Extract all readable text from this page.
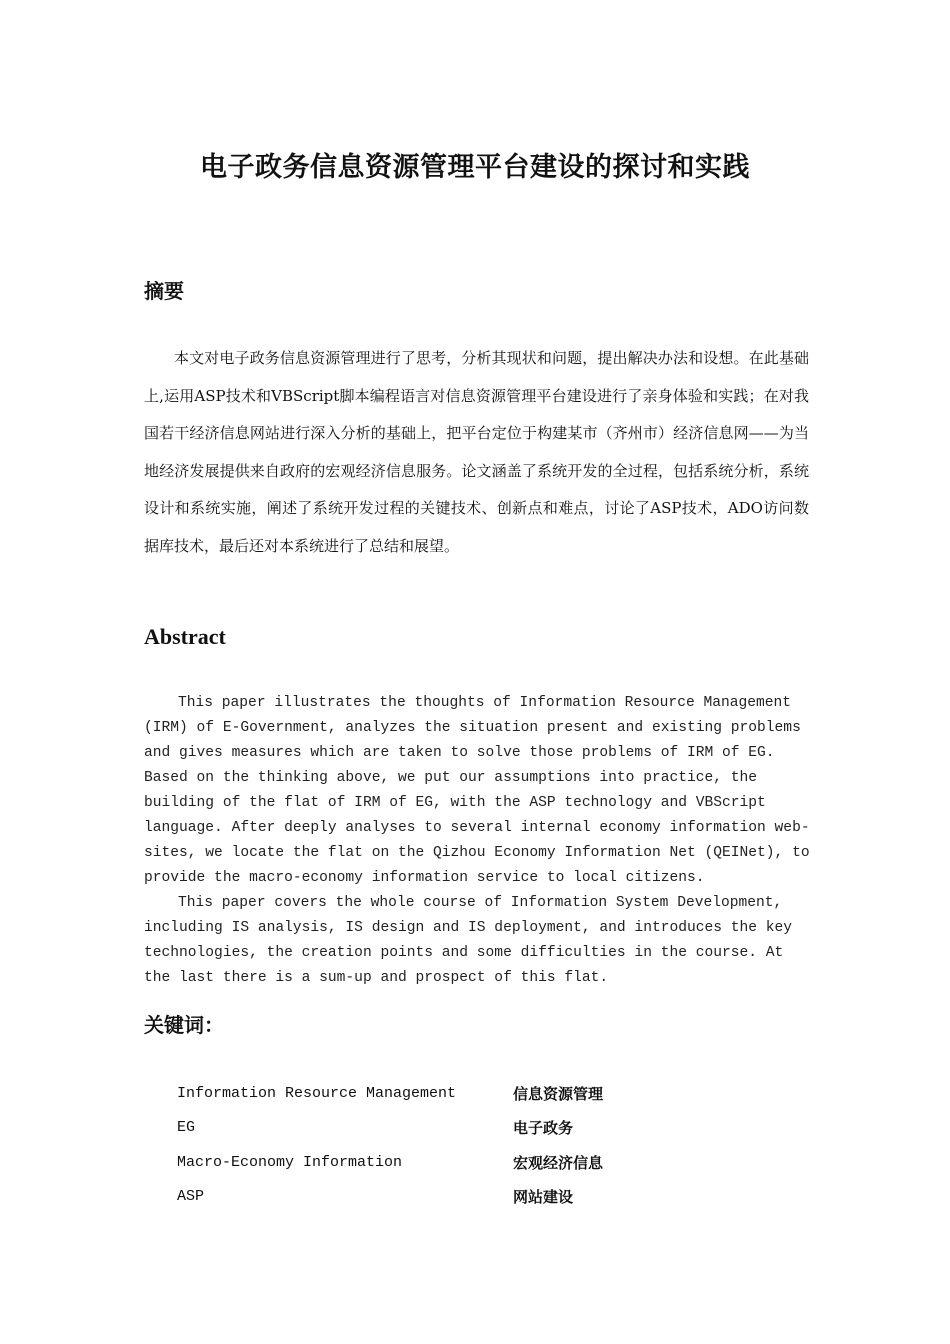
电子政务信息资源管理平台建设的探讨和实践
摘要

本文对电子政务信息资源管理进行了思考，分析其现状和问题，提出解决办法和设想。在此基础上,运用ASP技术和VBScript脚本编程语言对信息资源管理平台建设进行了亲身体验和实践；在对我国若干经济信息网站进行深入分析的基础上，把平台定位于构建某市（齐州市）经济信息网——为当地经济发展提供来自政府的宏观经济信息服务。论文涵盖了系统开发的全过程，包括系统分析，系统设计和系统实施，阐述了系统开发过程的关键技术、创新点和难点，讨论了ASP技术，ADO访问数据库技术，最后还对本系统进行了总结和展望。

Abstract

This paper illustrates the thoughts of Information Resource Management (IRM) of E-Government, analyzes the situation present and existing problems and gives measures which are taken to solve those problems of IRM of EG. Based on the thinking above, we put our assumptions into practice, the building of the flat of IRM of EG, with the ASP technology and VBScript language. After deeply analyses to several internal economy information web-sites, we locate the flat on the Qizhou Economy Information Net (QEINet), to provide the macro-economy information service to local citizens.

This paper covers the whole course of Information System Development, including IS analysis, IS design and IS deployment, and introduces the key technologies, the creation points and some difficulties in the course. At the last there is a sum-up and prospect of this flat.

关键词：
Information Resource Management	信息资源管理
EG	电子政务
Macro-Economy Information	宏观经济信息
ASP	网站建设
